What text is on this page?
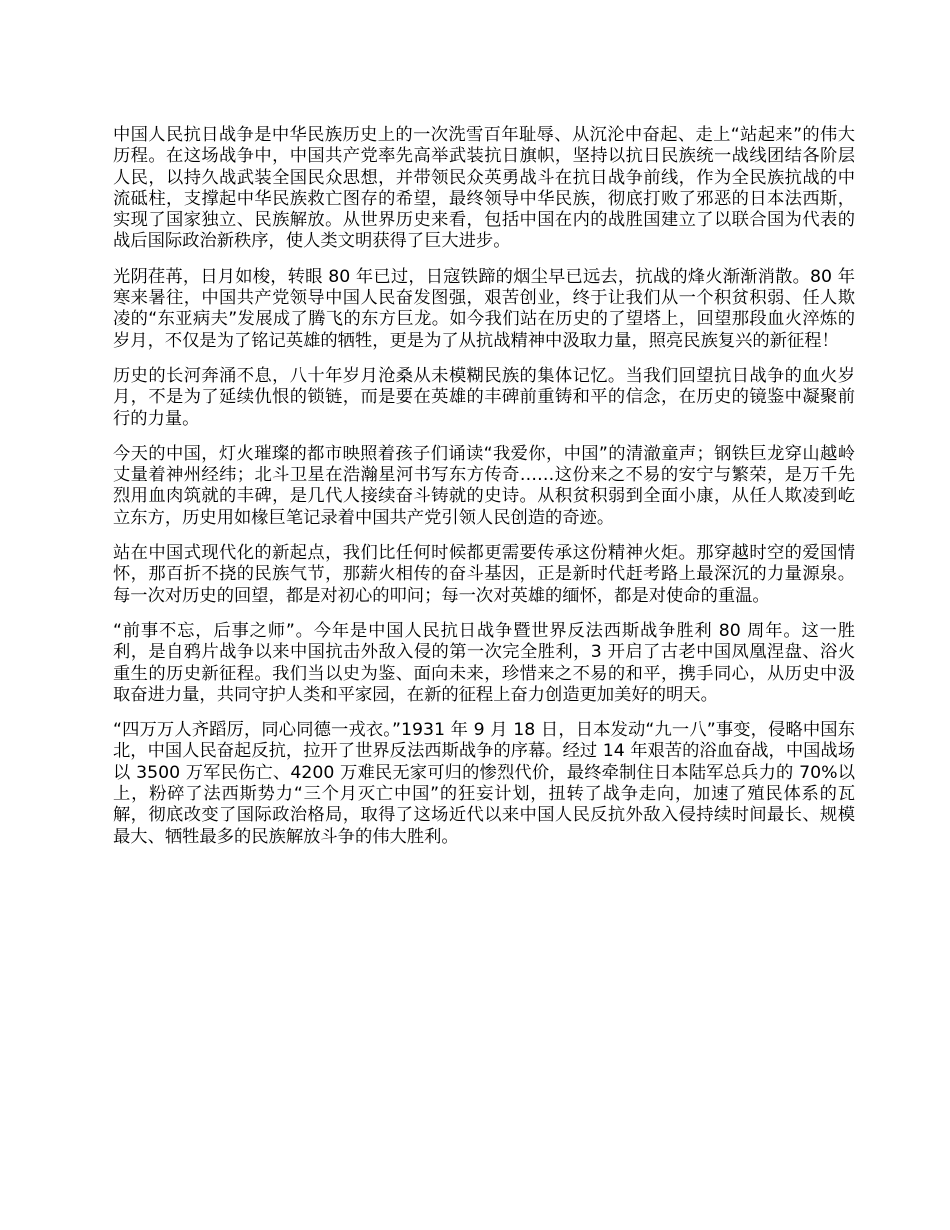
中国人民抗日战争是中华民族历史上的一次洗雪百年耻辱、从沉沦中奋起、走上“站起来”的伟大历程。在这场战争中，中国共产党率先高举武装抗日旗帜，坚持以抗日民族统一战线团结各阶层人民，以持久战武装全国民众思想，并带领民众英勇战斗在抗日战争前线，作为全民族抗战的中流砥柱，支撑起中华民族救亡图存的希望，最终领导中华民族，彻底打败了邪恶的日本法西斯，实现了国家独立、民族解放。从世界历史来看，包括中国在内的战胜国建立了以联合国为代表的战后国际政治新秩序，使人类文明获得了巨大进步。

光阴荏苒，日月如梭，转眼 80 年已过，日寇铁蹄的烟尘早已远去，抗战的烽火渐渐消散。80 年寒来暑往，中国共产党领导中国人民奋发图强，艰苦创业，终于让我们从一个积贫积弱、任人欺凌的“东亚病夫”发展成了腾飞的东方巨龙。如今我们站在历史的了望塔上，回望那段血火淬炼的岁月，不仅是为了铭记英雄的牺牲，更是为了从抗战精神中汲取力量，照亮民族复兴的新征程！

历史的长河奔涌不息，八十年岁月沧桑从未模糊民族的集体记忆。当我们回望抗日战争的血火岁月，不是为了延续仇恨的锁链，而是要在英雄的丰碑前重铸和平的信念，在历史的镜鉴中凝聚前行的力量。

今天的中国，灯火璀璨的都市映照着孩子们诵读“我爱你，中国”的清澈童声；钢铁巨龙穿山越岭丈量着神州经纬；北斗卫星在浩瀚星河书写东方传奇……这份来之不易的安宁与繁荣，是万千先烈用血肉筑就的丰碑，是几代人接续奋斗铸就的史诗。从积贫积弱到全面小康，从任人欺凌到屹立东方，历史用如椽巨笔记录着中国共产党引领人民创造的奇迹。

站在中国式现代化的新起点，我们比任何时候都更需要传承这份精神火炬。那穿越时空的爱国情怀，那百折不挠的民族气节，那薪火相传的奋斗基因，正是新时代赶考路上最深沉的力量源泉。每一次对历史的回望，都是对初心的叩问；每一次对英雄的缅怀，都是对使命的重温。

“前事不忘，后事之师”。今年是中国人民抗日战争暨世界反法西斯战争胜利 80 周年。这一胜利，是自鸦片战争以来中国抗击外敌入侵的第一次完全胜利，3 开启了古老中国凤凰涅盘、浴火重生的历史新征程。我们当以史为鉴、面向未来，珍惜来之不易的和平，携手同心，从历史中汲取奋进力量，共同守护人类和平家园，在新的征程上奋力创造更加美好的明天。

“四万万人齐蹈厉，同心同德一戎衣。”1931 年 9 月 18 日，日本发动“九一八”事变，侵略中国东北，中国人民奋起反抗，拉开了世界反法西斯战争的序幕。经过 14 年艰苦的浴血奋战，中国战场以 3500 万军民伤亡、4200 万难民无家可归的惨烈代价，最终牵制住日本陆军总兵力的 70%以上，粉碎了法西斯势力“三个月灭亡中国”的狂妄计划，扭转了战争走向，加速了殖民体系的瓦解，彻底改变了国际政治格局，取得了这场近代以来中国人民反抗外敌入侵持续时间最长、规模最大、牺牲最多的民族解放斗争的伟大胜利。
